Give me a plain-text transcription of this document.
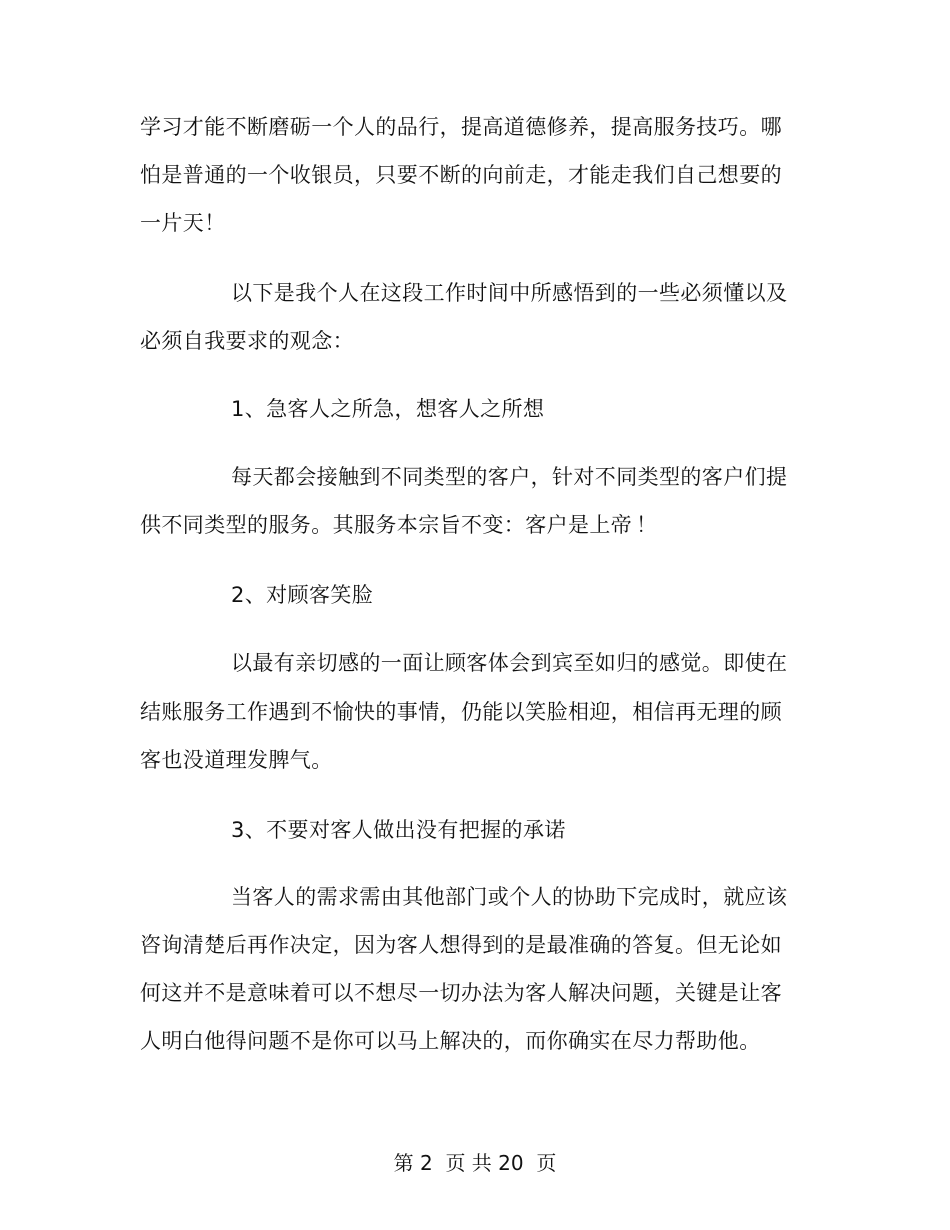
学习才能不断磨砺一个人的品行，提高道德修养，提高服务技巧。哪
怕是普通的一个收银员，只要不断的向前走，才能走我们自己想要的
一片天！
以下是我个人在这段工作时间中所感悟到的一些必须懂以及
必须自我要求的观念：
1、急客人之所急，想客人之所想
每天都会接触到不同类型的客户，针对不同类型的客户们提
供不同类型的服务。其服务本宗旨不变：客户是上帝 ！
2、对顾客笑脸
以最有亲切感的一面让顾客体会到宾至如归的感觉。即使在
结账服务工作遇到不愉快的事情，仍能以笑脸相迎，相信再无理的顾
客也没道理发脾气。
3、不要对客人做出没有把握的承诺
当客人的需求需由其他部门或个人的协助下完成时，就应该
咨询清楚后再作决定，因为客人想得到的是最准确的答复。但无论如
何这并不是意味着可以不想尽一切办法为客人解决问题，关键是让客
人明白他得问题不是你可以马上解决的，而你确实在尽力帮助他。
第 2  页 共 20  页
